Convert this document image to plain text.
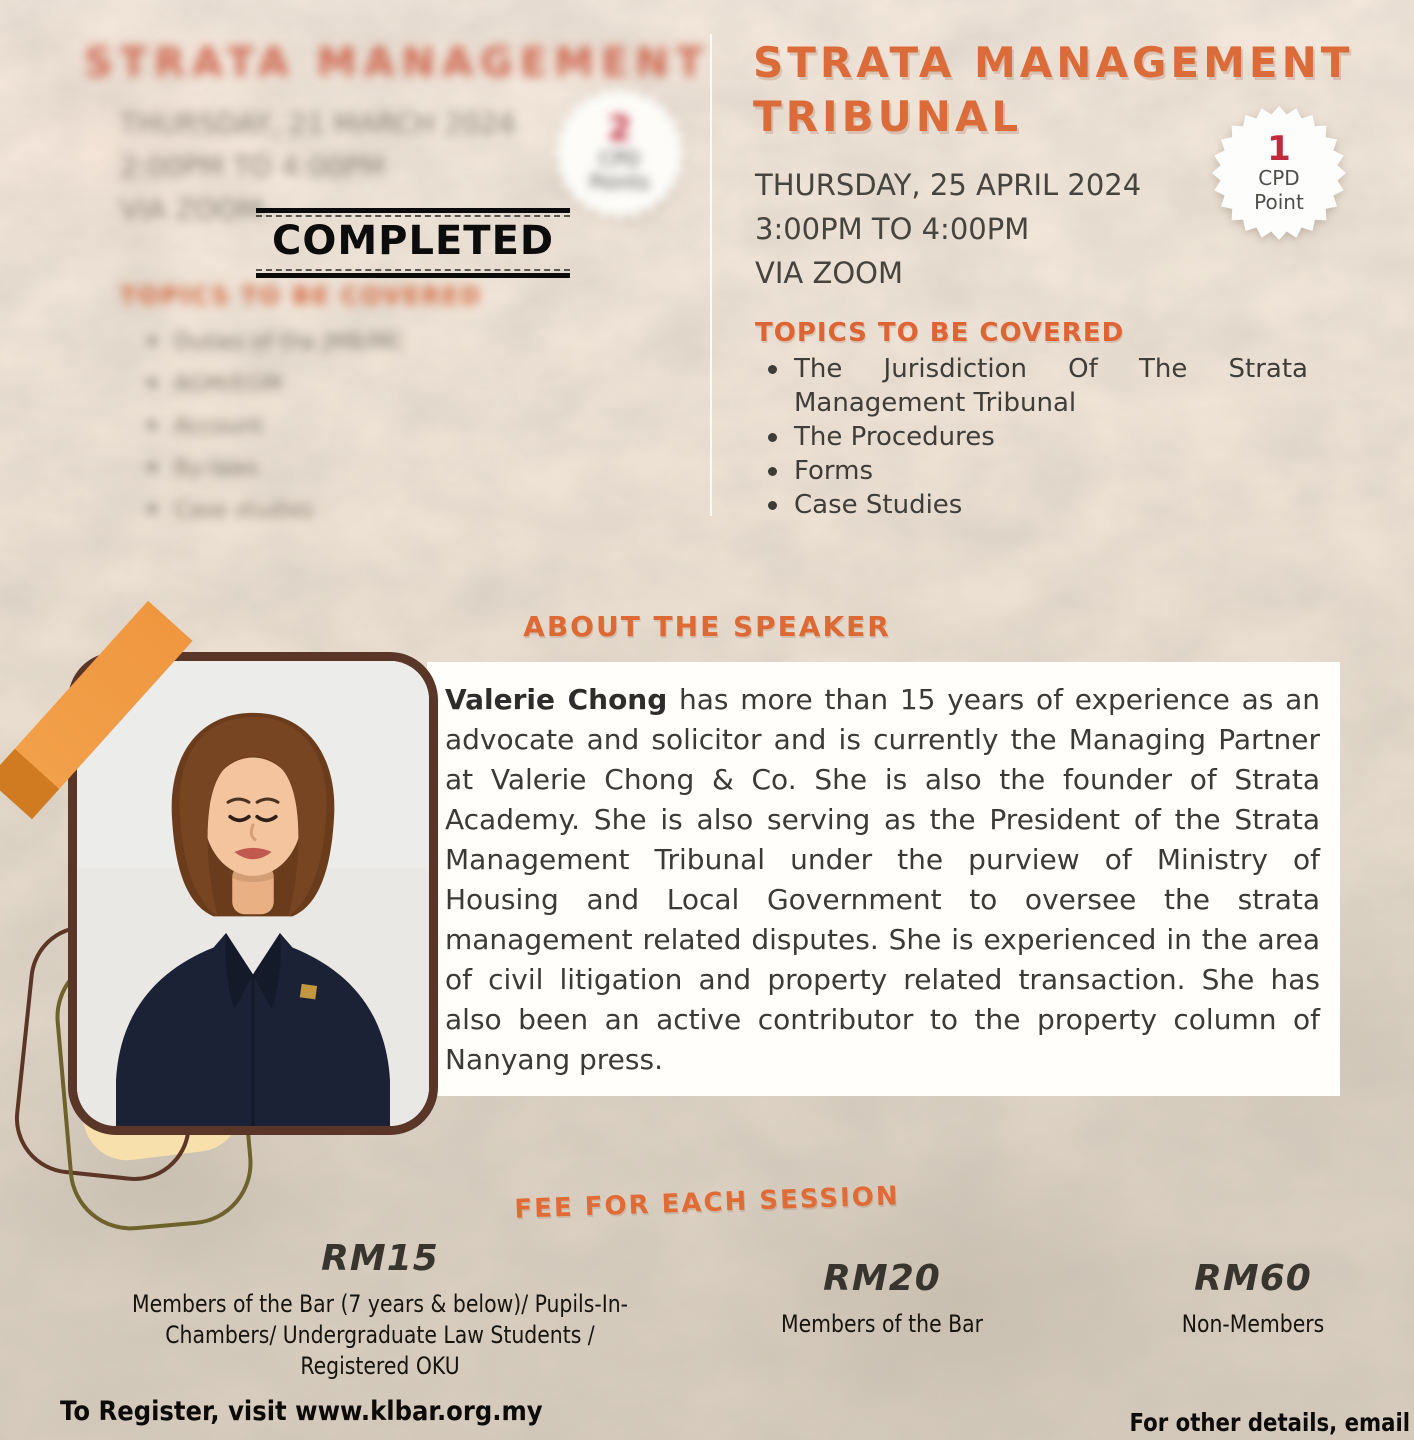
STRATA MANAGEMENT
THURSDAY, 21 MARCH 2024
2:00PM TO 4:00PM
VIA ZOOM
2
CPD
Points
TOPICS TO BE COVERED
Duties of the JMB/MC
AGM/EGM
Account
By-laws
Case studies
COMPLETED
STRATA MANAGEMENT
TRIBUNAL
1
CPD
Point
THURSDAY, 25 APRIL 2024
3:00PM TO 4:00PM
VIA ZOOM
TOPICS TO BE COVERED
The Jurisdiction Of The Strata Management Tribunal
The Procedures
Forms
Case Studies
ABOUT THE SPEAKER
Valerie Chong has more than 15 years of experience as an advocate and solicitor and is currently the Managing Partner at Valerie Chong & Co. She is also the founder of Strata Academy. She is also serving as the President of the Strata Management Tribunal under the purview of Ministry of Housing and Local Government to oversee the strata management related disputes. She is experienced in the area of civil litigation and property related transaction. She has also been an active contributor to the property column of Nanyang press.
FEE FOR EACH SESSION
RM15
Members of the Bar (7 years & below)/ Pupils-In-Chambers/ Undergraduate Law Students / Registered OKU
RM20
Members of the Bar
RM60
Non-Members
To Register, visit www.klbar.org.my	For other details, email
